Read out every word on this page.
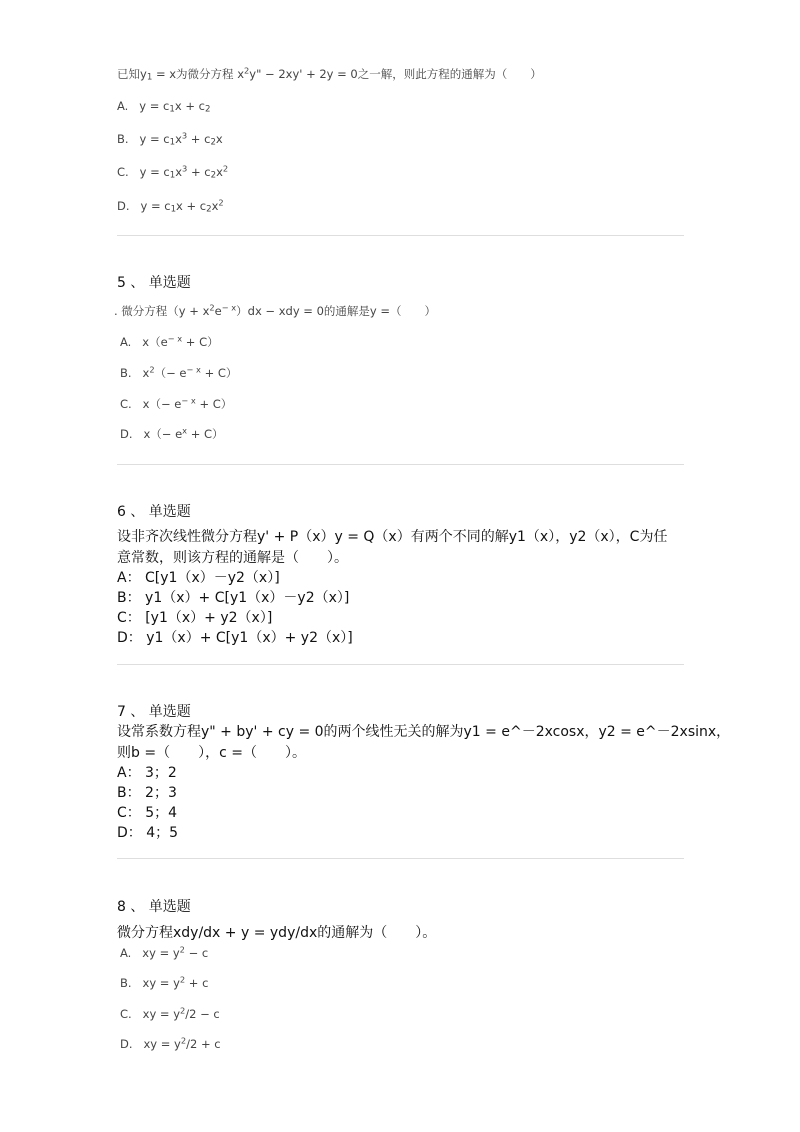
已知$y_1 = x$为微分方程 $x^2y$" − 2xy' + 2y = 0之一解，则此方程的通解为（　　）
A. $y = c_1x + c_2$
B. $y = c_1x^3 + c_2x$
C. $y = c_1x^3 + c_2x^2$
D. $y = c_1x + c_2x^2$
5 、 单选题
. 微分方程$(y + x^2e^{- x})dx$ − xdy = 0的通解是y =（　　）
A. $x(e^{- x} + C)$
B. $x^2(- e^{- x} + C)$
C. $x(- e^{- x} + C)$
D. $x(- e^x + C)$
6 、 单选题
设非齐次线性微分方程y' + P（x）y = Q（x）有两个不同的解y1（x），y2（x），C为任
意常数，则该方程的通解是（　　）。
A： C[y1（x）－y2（x）]
B： y1（x）+ C[y1（x）－y2（x）]
C： [y1（x）+ y2（x）]
D： y1（x）+ C[y1（x）+ y2（x）]
7 、 单选题
设常系数方程y" + by' + cy = 0的两个线性无关的解为y1 = e^－2xcosx，y2 = e^－2xsinx，
则b =（　　），c =（　　）。
A： 3；2
B： 2；3
C： 5；4
D： 4；5
8 、 单选题
微分方程xdy/dx + y = ydy/dx的通解为（　　）。
A. xy = $y^2 - c$
B. xy = $y^2 + c$
C. xy = $y^2/2 - c$
D. xy = $y^2/2 + c$
